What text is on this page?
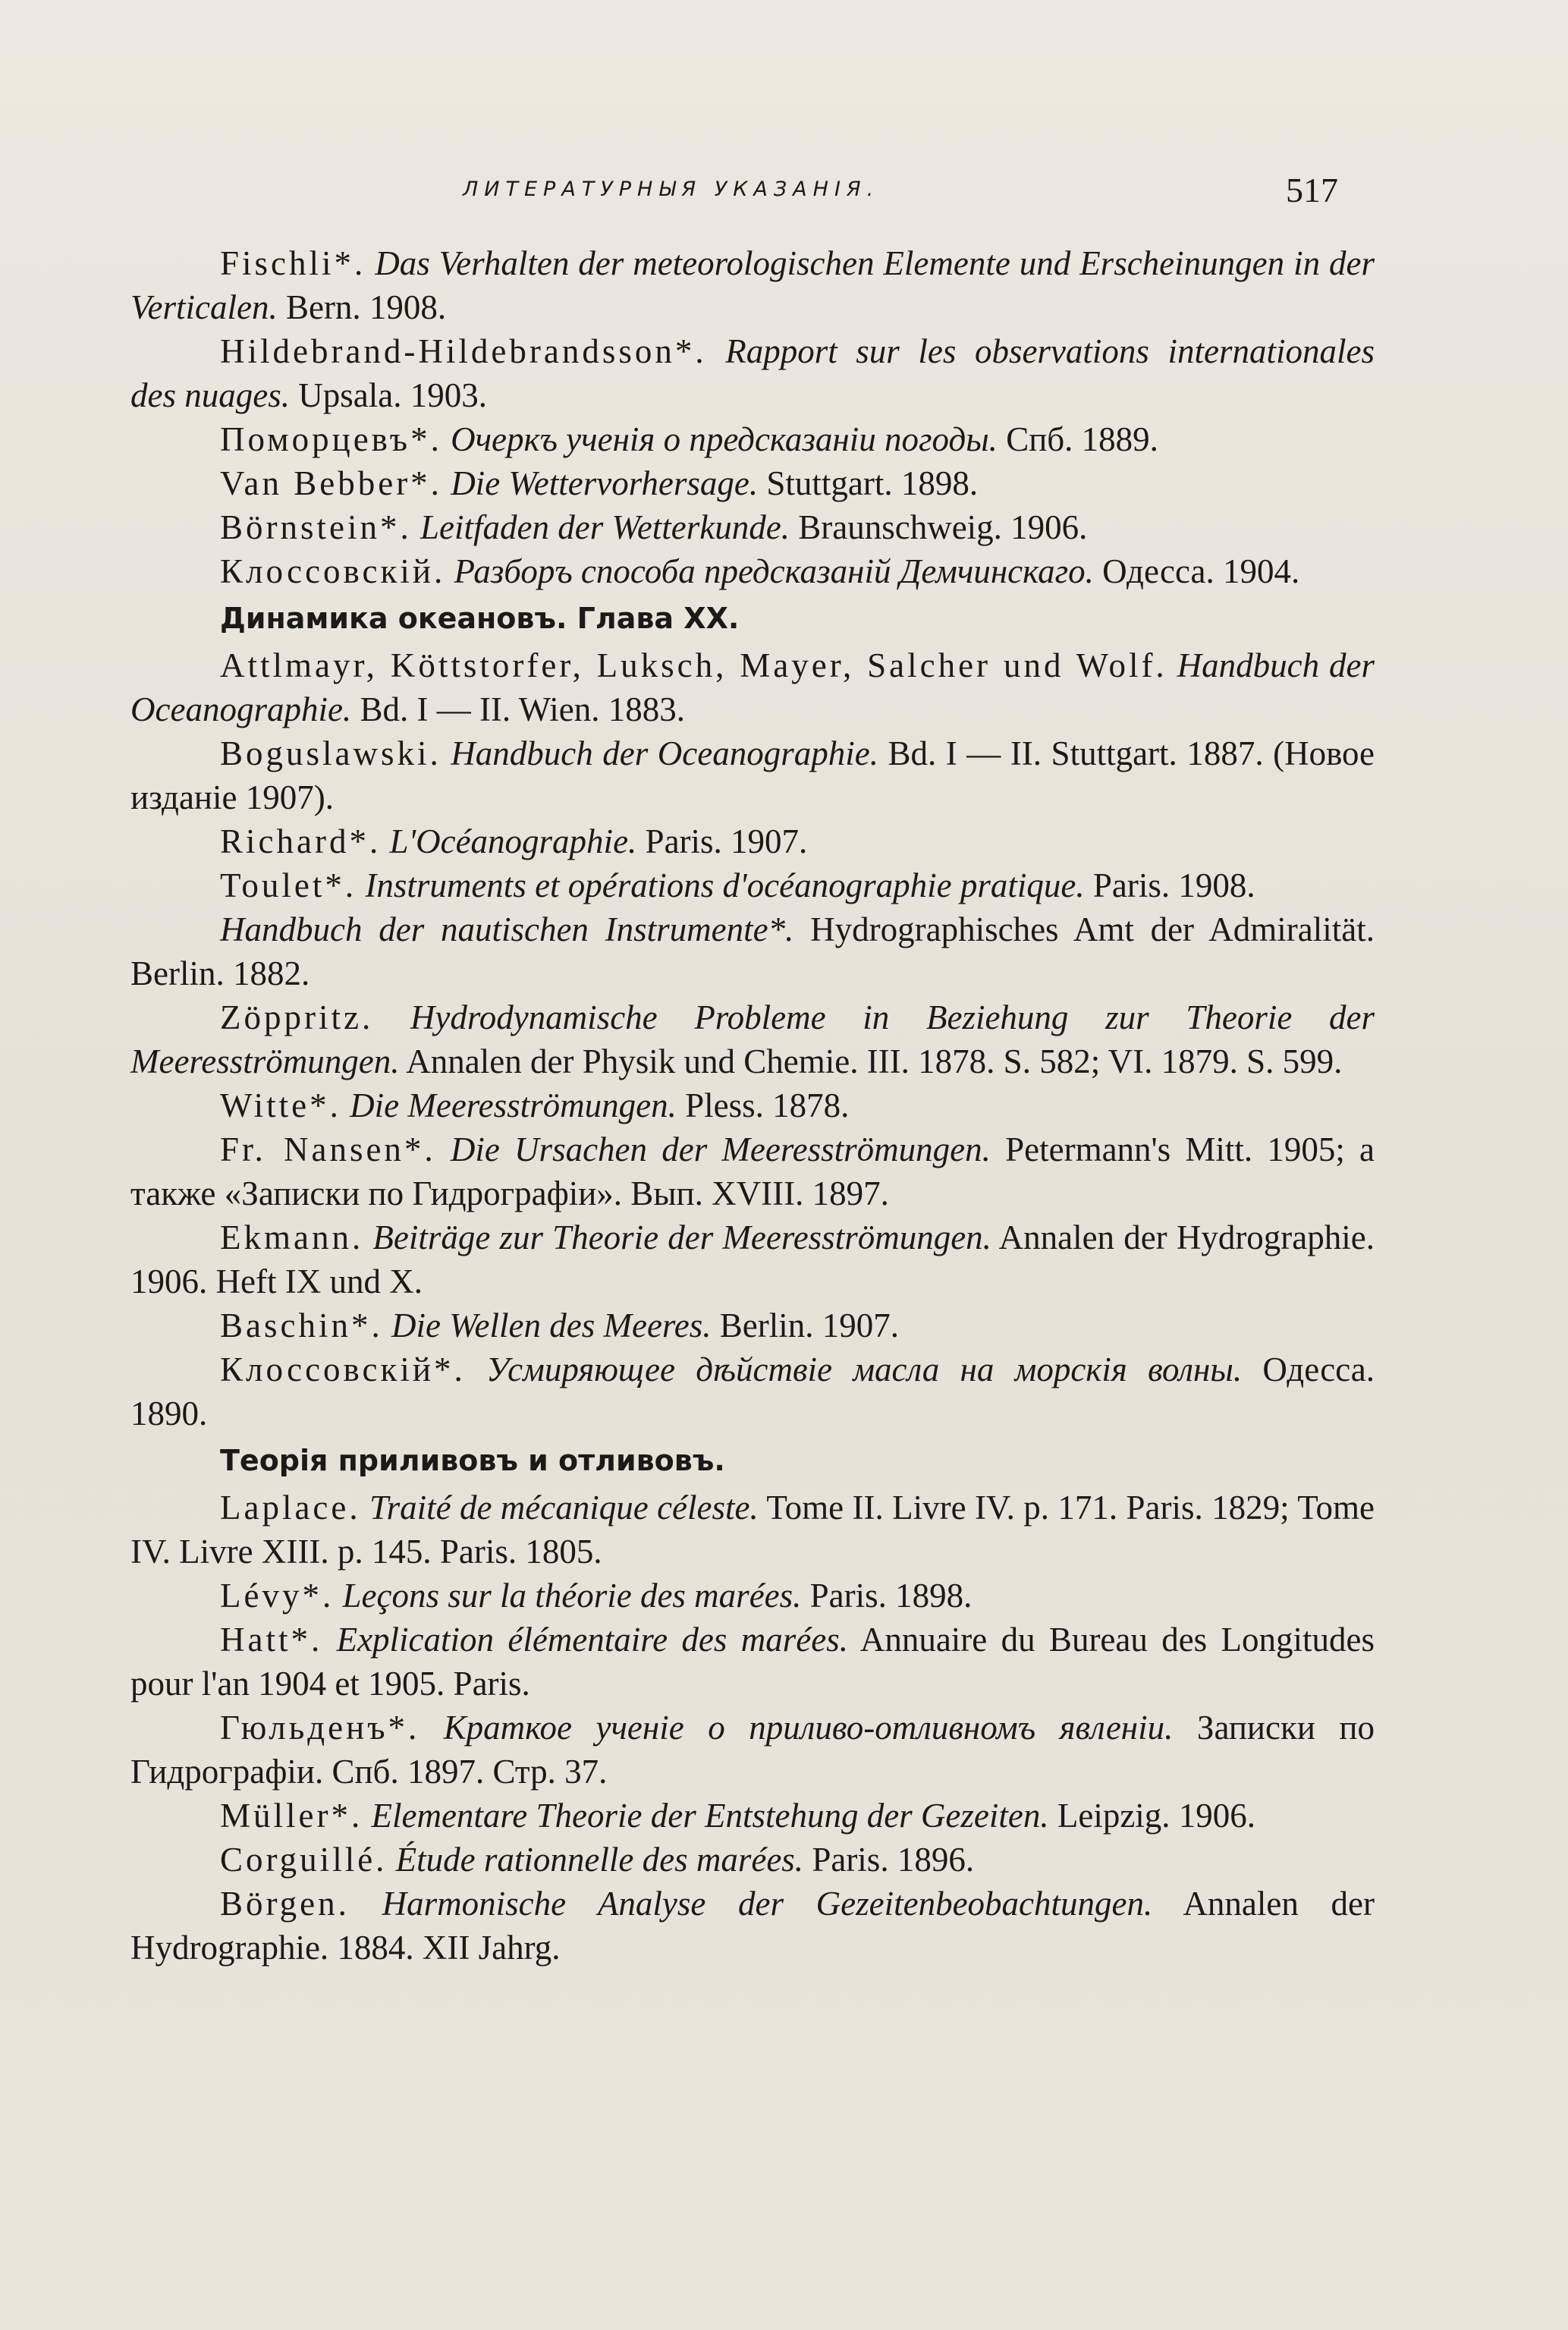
ЛИТЕРАТУРНЫЯ УКАЗАНІЯ.	517

Fischli*. Das Verhalten der meteorologischen Elemente und Erscheinungen in der Verticalen. Bern. 1908.

Hildebrand-Hildebrandsson*. Rapport sur les observations internationales des nuages. Upsala. 1903.

Поморцевъ*. Очеркъ ученія о предсказаніи погоды. Спб. 1889.

Van Bebber*. Die Wettervorhersage. Stuttgart. 1898.

Börnstein*. Leitfaden der Wetterkunde. Braunschweig. 1906.

Клоссовскій. Разборъ способа предсказаній Демчинскаго. Одесса. 1904.

Динамика океановъ. Глава XX.

Attlmayr, Köttstorfer, Luksch, Mayer, Salcher und Wolf. Handbuch der Oceanographie. Bd. I — II. Wien. 1883.

Boguslawski. Handbuch der Oceanographie. Bd. I — II. Stuttgart. 1887. (Новое изданіе 1907).

Richard*. L'Océanographie. Paris. 1907.

Toulet*. Instruments et opérations d'océanographie pratique. Paris. 1908.

Handbuch der nautischen Instrumente*. Hydrographisches Amt der Admiralität. Berlin. 1882.

Zöppritz. Hydrodynamische Probleme in Beziehung zur Theorie der Meeresströmungen. Annalen der Physik und Chemie. III. 1878. S. 582; VI. 1879. S. 599.

Witte*. Die Meeresströmungen. Pless. 1878.

Fr. Nansen*. Die Ursachen der Meeresströmungen. Petermann's Mitt. 1905; а также «Записки по Гидрографіи». Вып. XVIII. 1897.

Ekmann. Beiträge zur Theorie der Meeresströmungen. Annalen der Hydrographie. 1906. Heft IX und X.

Baschin*. Die Wellen des Meeres. Berlin. 1907.

Клоссовскій*. Усмиряющее дѣйствіе масла на морскія волны. Одесса. 1890.

Теорія приливовъ и отливовъ.

Laplace. Traité de mécanique céleste. Tome II. Livre IV. p. 171. Paris. 1829; Tome IV. Livre XIII. p. 145. Paris. 1805.

Lévy*. Leçons sur la théorie des marées. Paris. 1898.

Hatt*. Explication élémentaire des marées. Annuaire du Bureau des Longitudes pour l'an 1904 et 1905. Paris.

Гюльденъ*. Краткое ученіе о приливо-отливномъ явленіи. Записки по Гидрографіи. Спб. 1897. Стр. 37.

Müller*. Elementare Theorie der Entstehung der Gezeiten. Leipzig. 1906.

Corguillé. Étude rationnelle des marées. Paris. 1896.

Börgen. Harmonische Analyse der Gezeitenbeobachtungen. Annalen der Hydrographie. 1884. XII Jahrg.
